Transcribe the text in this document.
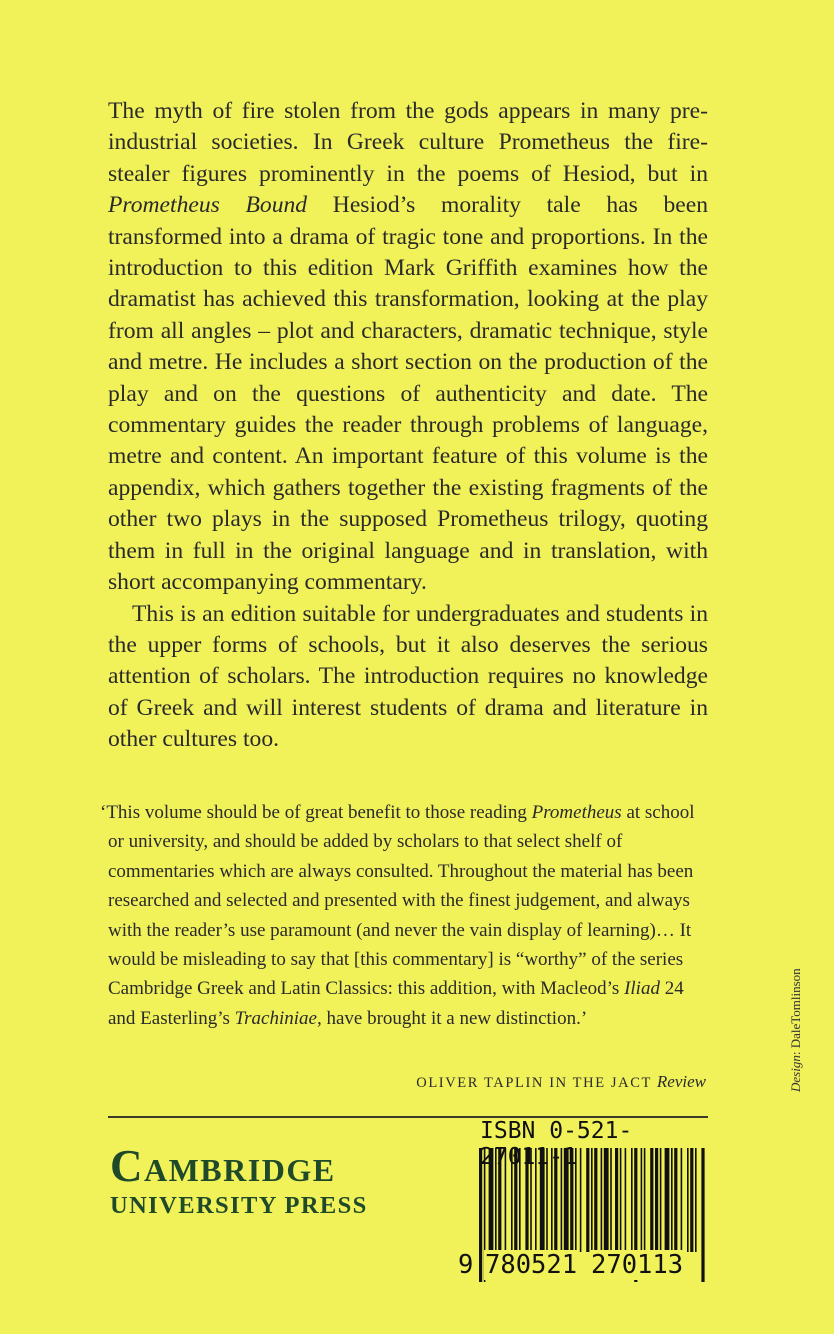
The myth of fire stolen from the gods appears in many pre-industrial societies. In Greek culture Prometheus the fire-stealer figures prominently in the poems of Hesiod, but in Prometheus Bound Hesiod’s morality tale has been transformed into a drama of tragic tone and proportions. In the introduction to this edition Mark Griffith examines how the dramatist has achieved this transformation, looking at the play from all angles – plot and characters, dramatic technique, style and metre. He includes a short section on the production of the play and on the questions of authenticity and date. The commentary guides the reader through problems of language, metre and content. An important feature of this volume is the appendix, which gathers together the existing fragments of the other two plays in the supposed Prometheus trilogy, quoting them in full in the original language and in translation, with short accompanying commentary.

This is an edition suitable for undergraduates and students in the upper forms of schools, but it also deserves the serious attention of scholars. The introduction requires no knowledge of Greek and will interest students of drama and literature in other cultures too.

‘This volume should be of great benefit to those reading Prometheus at school or university, and should be added by scholars to that select shelf of commentaries which are always consulted. Throughout the material has been researched and selected and presented with the finest judgement, and always with the reader’s use paramount (and never the vain display of learning)… It would be misleading to say that [this commentary] is “worthy” of the series Cambridge Greek and Latin Classics: this addition, with Macleod’s Iliad 24 and Easterling’s Trachiniae, have brought it a new distinction.’

OLIVER TAPLIN IN THE JACT Review
Cambridge
UNIVERSITY PRESS
ISBN 0-521-27011-1
9 780521 270113
Design: DaleTomlinson
